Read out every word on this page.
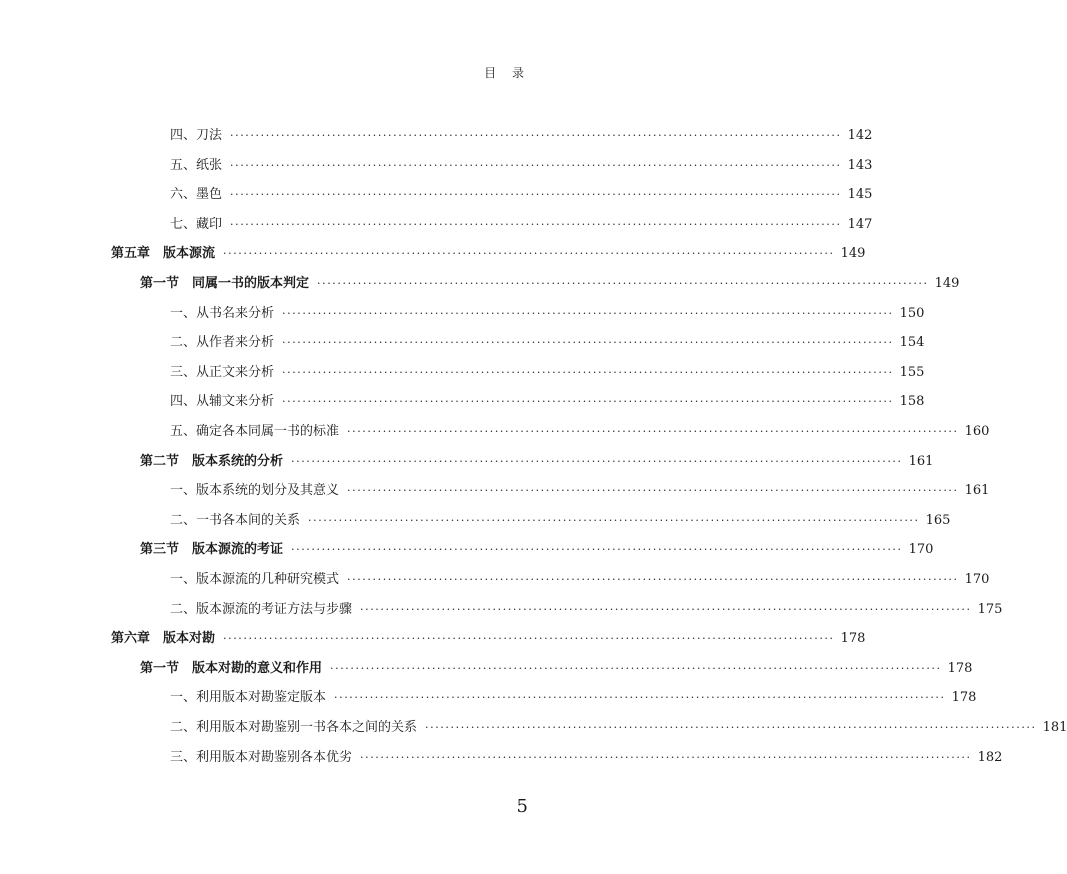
目 录
四、刀法 ························································································································ 142
五、纸张 ························································································································ 143
六、墨色 ························································································································ 145
七、藏印 ························································································································ 147
第五章　版本源流 ························································································································ 149
第一节　同属一书的版本判定 ························································································································ 149
一、从书名来分析 ························································································································ 150
二、从作者来分析 ························································································································ 154
三、从正文来分析 ························································································································ 155
四、从辅文来分析 ························································································································ 158
五、确定各本同属一书的标准 ························································································································ 160
第二节　版本系统的分析 ························································································································ 161
一、版本系统的划分及其意义 ························································································································ 161
二、一书各本间的关系 ························································································································ 165
第三节　版本源流的考证 ························································································································ 170
一、版本源流的几种研究模式 ························································································································ 170
二、版本源流的考证方法与步骤 ························································································································ 175
第六章　版本对勘 ························································································································ 178
第一节　版本对勘的意义和作用 ························································································································ 178
一、利用版本对勘鉴定版本 ························································································································ 178
二、利用版本对勘鉴别一书各本之间的关系 ························································································································ 181
三、利用版本对勘鉴别各本优劣 ························································································································ 182
5
